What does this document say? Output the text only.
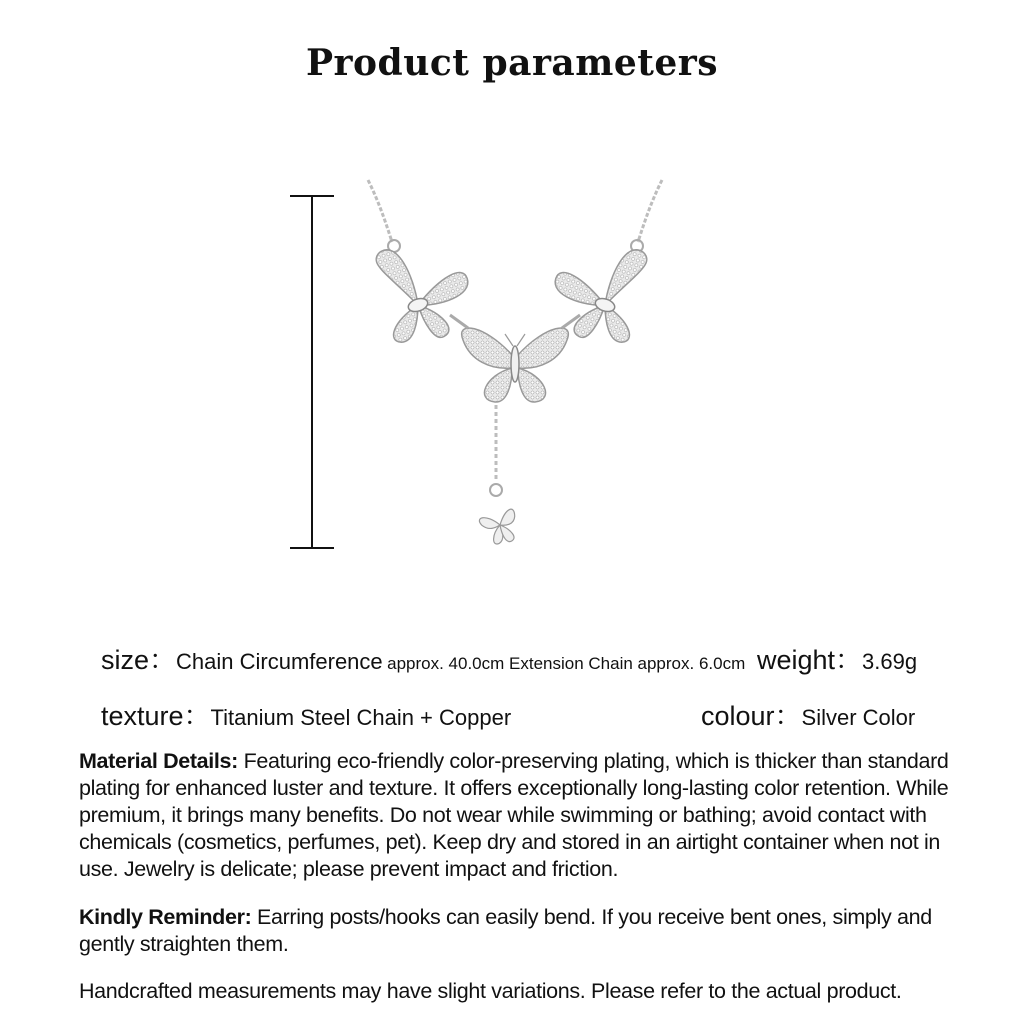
Product parameters
size：Chain Circumference approx. 40.0cm Extension Chain approx. 6.0cm weight：3.69g
texture：Titanium Steel Chain + Copper	colour：Silver Color
Material Details: Featuring eco-friendly color-preserving plating, which is thicker than standard plating for enhanced luster and texture. It offers exceptionally long-lasting color retention. While premium, it brings many benefits. Do not wear while swimming or bathing; avoid contact with chemicals (cosmetics, perfumes, pet). Keep dry and stored in an airtight container when not in use. Jewelry is delicate; please prevent impact and friction.
Kindly Reminder: Earring posts/hooks can easily bend. If you receive bent ones, simply and gently straighten them.
Handcrafted measurements may have slight variations. Please refer to the actual product.
